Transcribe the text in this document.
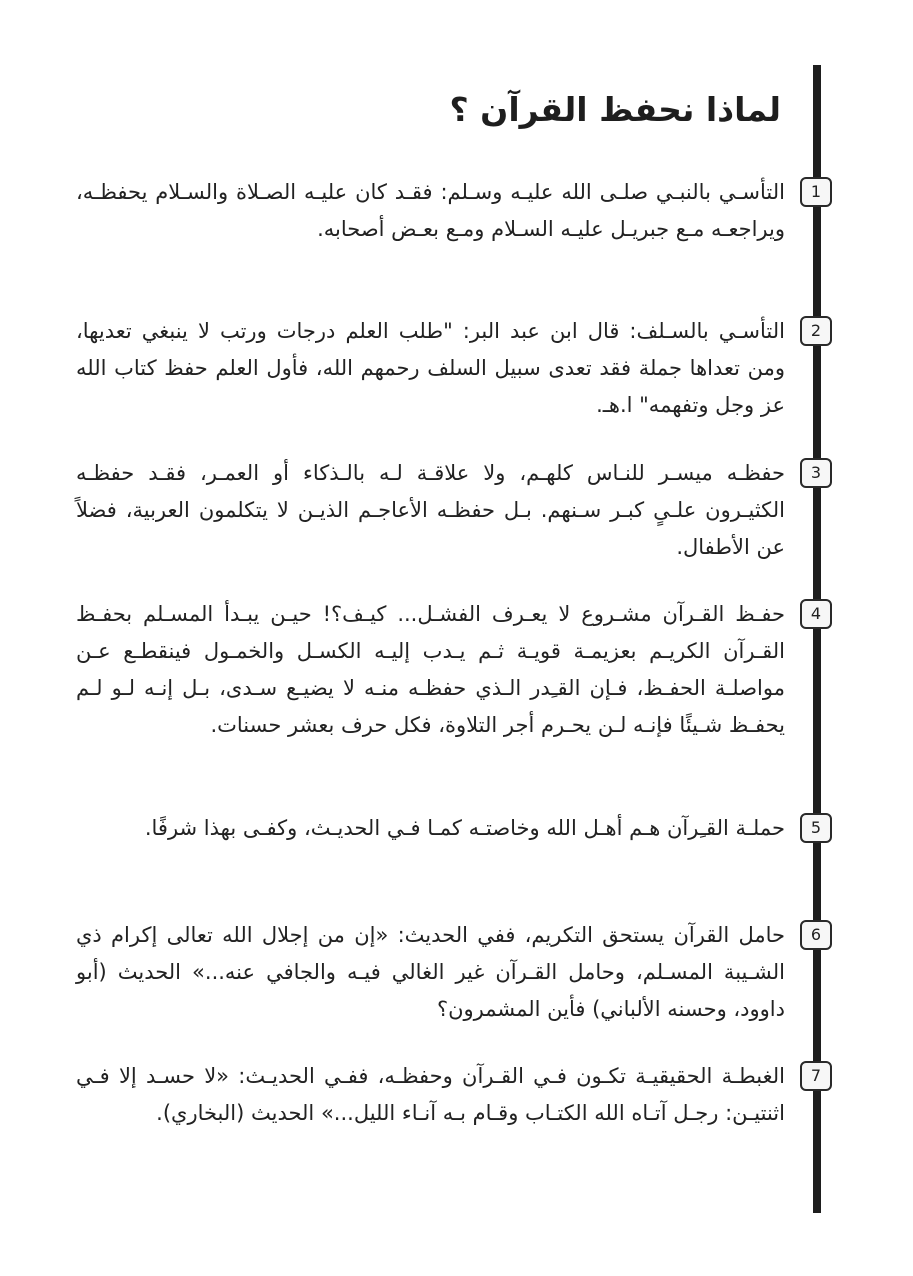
لماذا نحفظ القرآن ؟

التأسـي بالنبـي صلـى الله عليـه وسـلم: فقـد كان عليـه الصـلاة والسـلام يحفظـه، ويراجعـه مـع جبريـل عليـه السـلام ومـع بعـض أصحابه.

1

التأسـي بالسـلف: قال ابن عبد البر: "طلب العلم درجات ورتب لا ينبغي تعديها، ومن تعداها جملة فقد تعدى سبيل السلف رحمهم الله، فأول العلم حفظ كتاب الله عز وجل وتفهمه" ا.هـ.

2

حفظـه ميسـر للنـاس كلهـم، ولا علاقـة لـه بالـذكاء أو العمـر، فقـد حفظـه الكثيـرون علـىٍ كبـر سـنهم. بـل حفظـه الأعاجـم الذيـن لا يتكلمون العربية، فضلاً عن الأطفال.

3

حفـظ القـرآن مشـروع لا يعـرف الفشـل... كيـف؟! حيـن يبـدأ المسـلم بحفـظ القـرآن الكريـم بعزيمـة قويـة ثـم يـدب إليـه الكسـل والخمـول فينقطـع عـن مواصلـة الحفـظ، فـإن القـِدر الـذي حفظـه منـه لا يضيـع سـدى، بـل إنـه لـو لـم يحفـظ شـيئًا فإنـه لـن يحـرم أجر التلاوة، فكل حرف بعشر حسنات.

4

حملـة القـِرآن هـم أهـل الله وخاصتـه كمـا فـي الحديـث، وكفـى بهذا شرفًا.	5

حامل القرآن يستحق التكريم، ففي الحديث: «إن من إجلال الله تعالى إكرام ذي الشـيبة المسـلم، وحامل القـرآن غير الغالي فيـه والجافي عنه...» الحديث (أبو داوود، وحسنه الألباني) فأين المشمرون؟

6

الغبطـة الحقيقيـة تكـون فـي القـرآن وحفظـه، ففـي الحديـث: «لا حسـد إلا فـي اثنتيـن: رجـل آتـاه الله الكتـاب وقـام بـه آنـاء الليل...» الحديث (البخاري).

7
